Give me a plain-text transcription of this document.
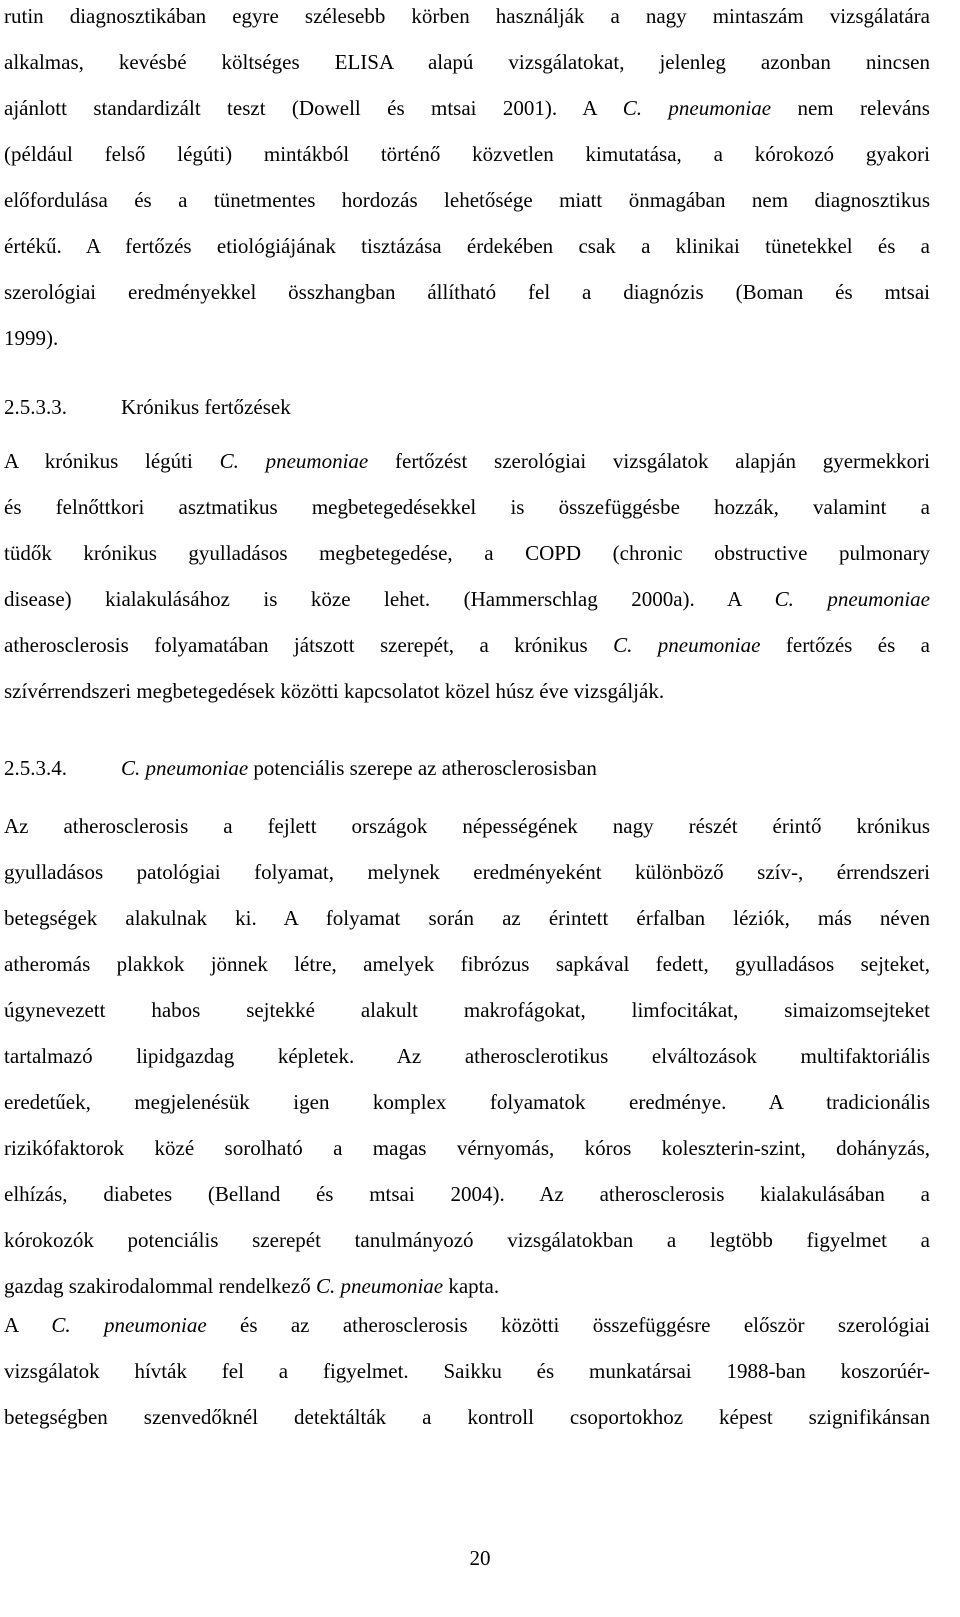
rutin diagnosztikában egyre szélesebb körben használják a nagy mintaszám vizsgálatára
alkalmas, kevésbé költséges ELISA alapú vizsgálatokat, jelenleg azonban nincsen
ajánlott standardizált teszt (Dowell és mtsai 2001). A C. pneumoniae nem releváns
(például felső légúti) mintákból történő közvetlen kimutatása, a kórokozó gyakori
előfordulása és a tünetmentes hordozás lehetősége miatt önmagában nem diagnosztikus
értékű. A fertőzés etiológiájának tisztázása érdekében csak a klinikai tünetekkel és a
szerológiai eredményekkel összhangban állítható fel a diagnózis (Boman és mtsai
1999).
2.5.3.3.	Krónikus fertőzések
A krónikus légúti C. pneumoniae fertőzést szerológiai vizsgálatok alapján gyermekkori
és felnőttkori asztmatikus megbetegedésekkel is összefüggésbe hozzák, valamint a
tüdők krónikus gyulladásos megbetegedése, a COPD (chronic obstructive pulmonary
disease) kialakulásához is köze lehet. (Hammerschlag 2000a). A C. pneumoniae
atherosclerosis folyamatában játszott szerepét, a krónikus C. pneumoniae fertőzés és a
szívérrendszeri megbetegedések közötti kapcsolatot közel húsz éve vizsgálják.
2.5.3.4.	C. pneumoniae potenciális szerepe az atherosclerosisban
Az atherosclerosis a fejlett országok népességének nagy részét érintő krónikus
gyulladásos patológiai folyamat, melynek eredményeként különböző szív-, érrendszeri
betegségek alakulnak ki. A folyamat során az érintett érfalban léziók, más néven
atheromás plakkok jönnek létre, amelyek fibrózus sapkával fedett, gyulladásos sejteket,
úgynevezett habos sejtekké alakult makrofágokat, limfocitákat, simaizomsejteket
tartalmazó lipidgazdag képletek. Az atherosclerotikus elváltozások multifaktoriális
eredetűek, megjelenésük igen komplex folyamatok eredménye. A tradicionális
rizikófaktorok közé sorolható a magas vérnyomás, kóros koleszterin-szint, dohányzás,
elhízás, diabetes (Belland és mtsai 2004). Az atherosclerosis kialakulásában a
kórokozók potenciális szerepét tanulmányozó vizsgálatokban a legtöbb figyelmet a
gazdag szakirodalommal rendelkező C. pneumoniae kapta.
A C. pneumoniae és az atherosclerosis közötti összefüggésre először szerológiai
vizsgálatok hívták fel a figyelmet. Saikku és munkatársai 1988-ban koszorúér-
betegségben szenvedőknél detektálták a kontroll csoportokhoz képest szignifikánsan
20
